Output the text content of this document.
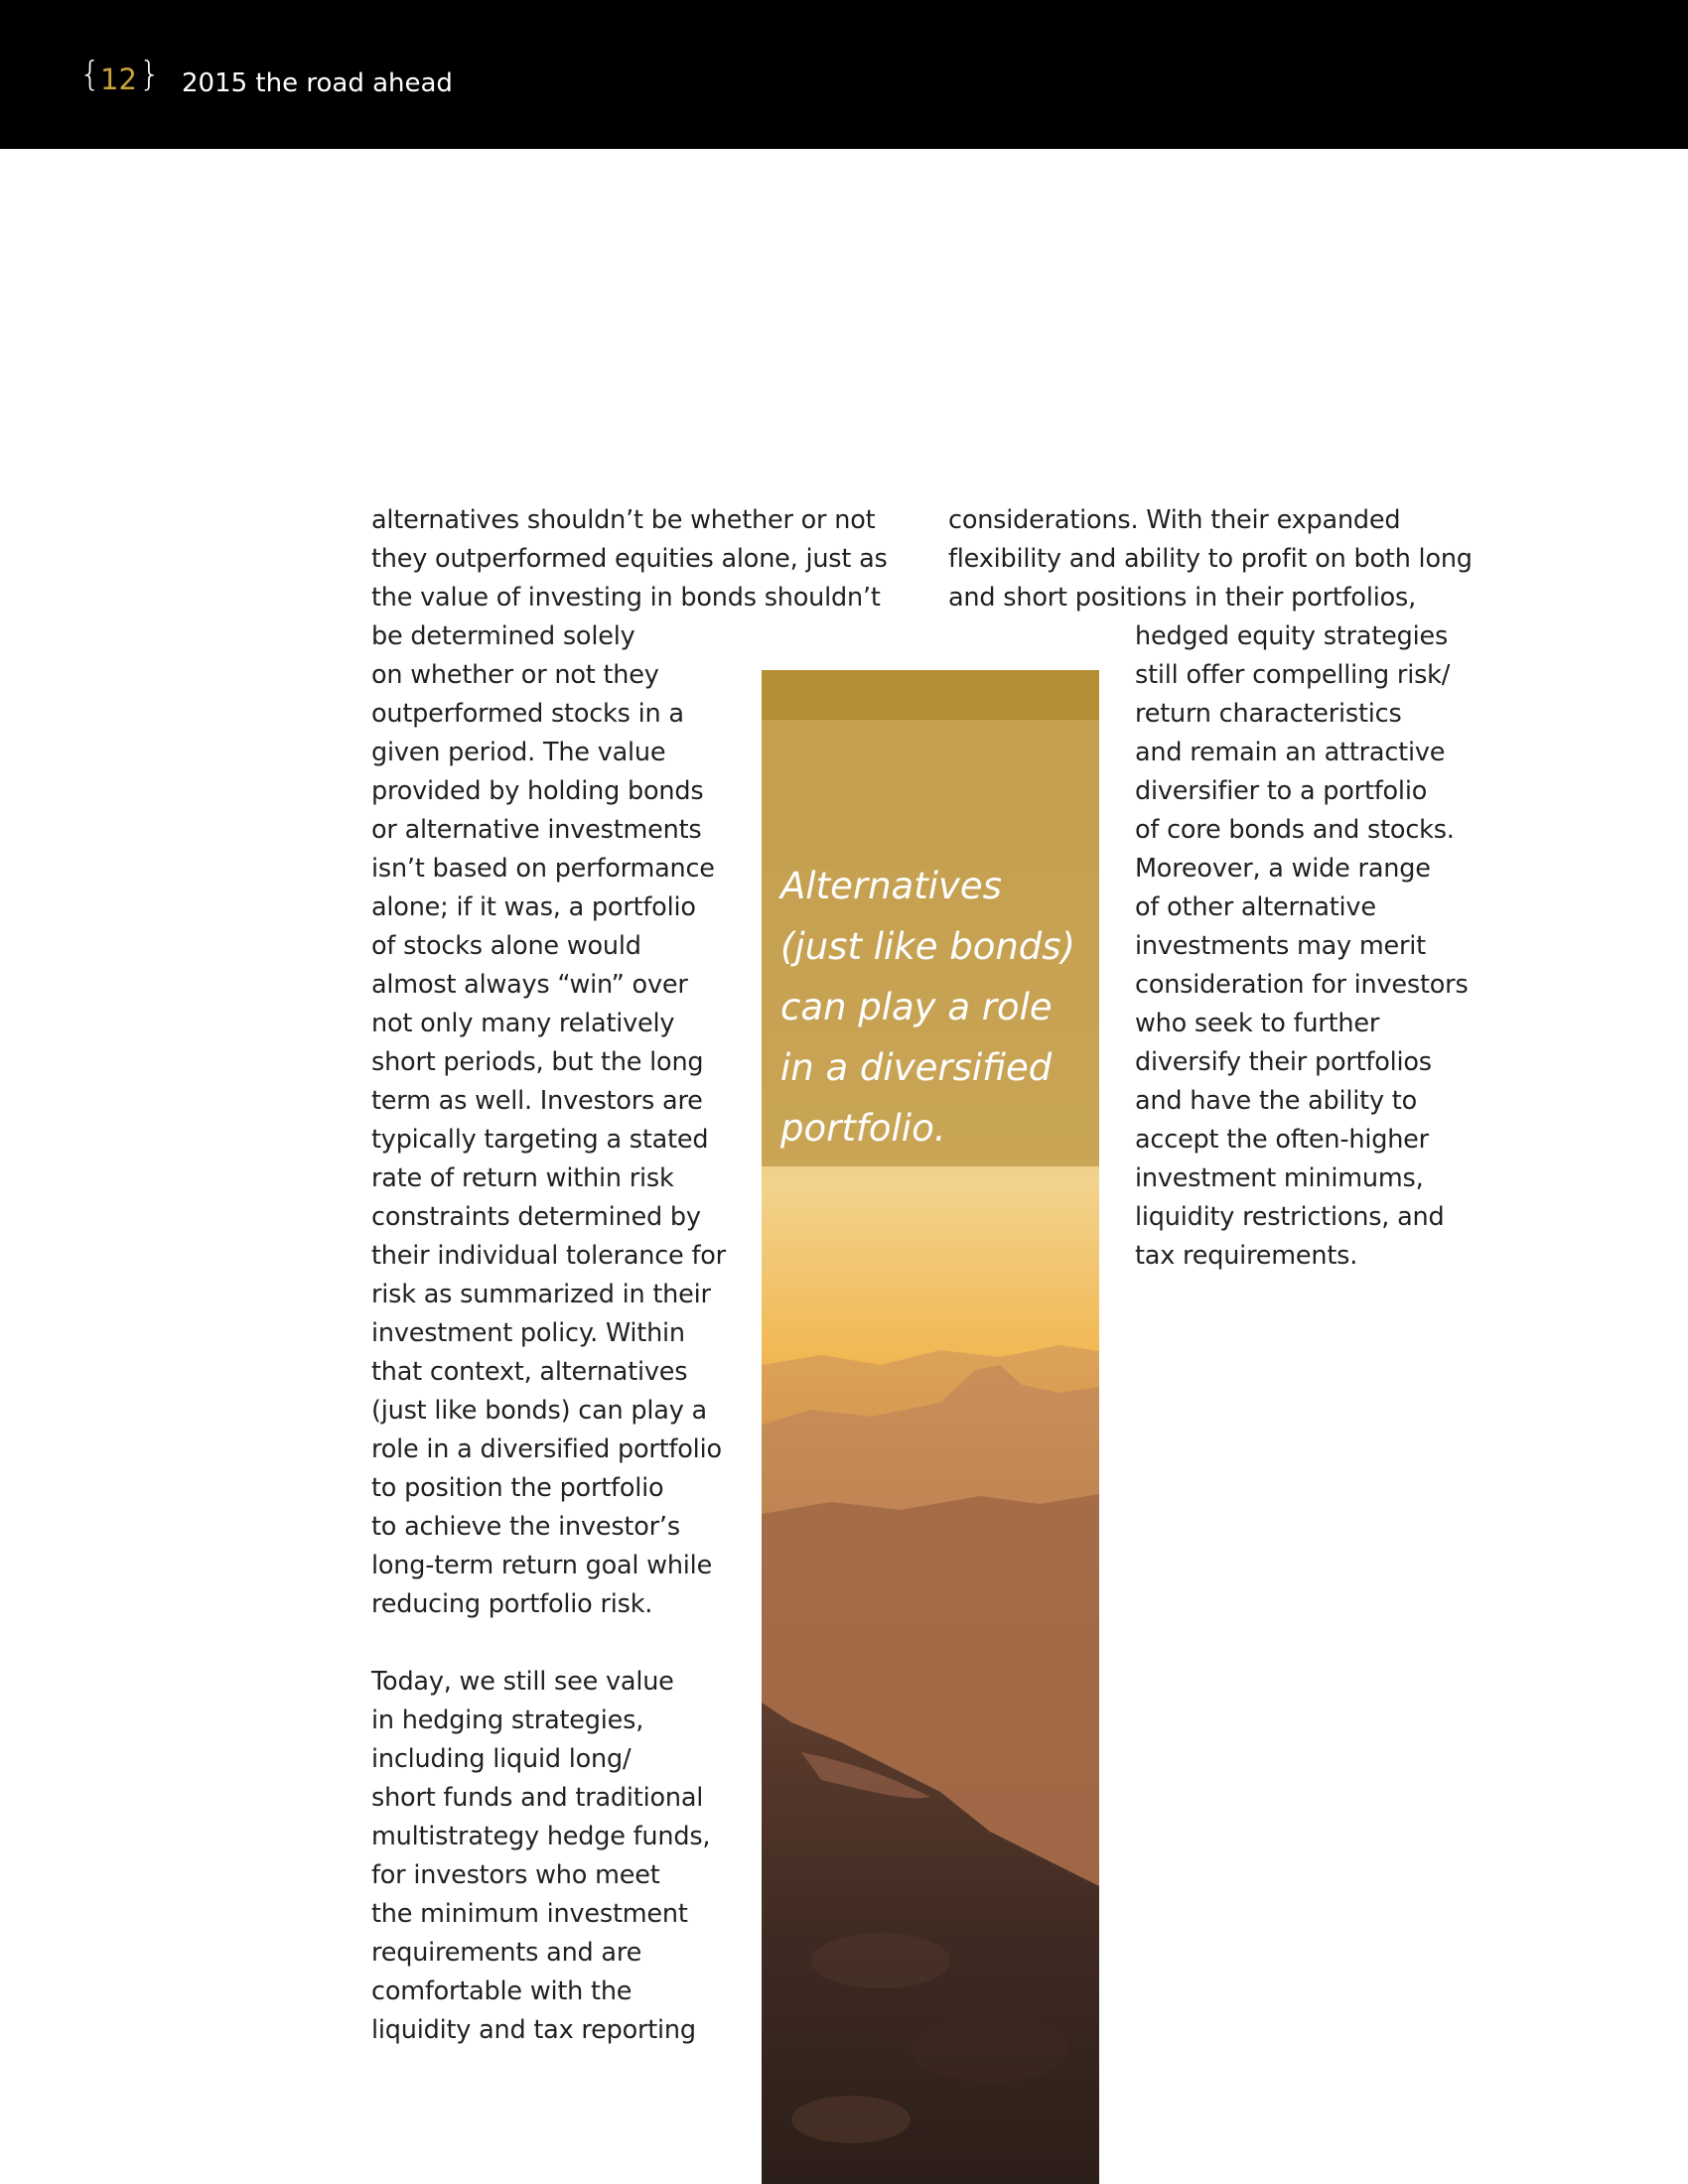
{ 12 } 2015 the road ahead

Alternatives
(just like bonds)
can play a role
in a diversified
portfolio.

alternatives shouldn’t be whether or not
they outperformed equities alone, just as
the value of investing in bonds shouldn’t
be determined solely
on whether or not they
outperformed stocks in a
given period. The value
provided by holding bonds
or alternative investments
isn’t based on performance
alone; if it was, a portfolio
of stocks alone would
almost always “win” over
not only many relatively
short periods, but the long
term as well. Investors are
typically targeting a stated
rate of return within risk
constraints determined by
their individual tolerance for
risk as summarized in their
investment policy. Within
that context, alternatives
(just like bonds) can play a
role in a diversified portfolio
to position the portfolio
to achieve the investor’s
long-term return goal while
reducing portfolio risk.
Today, we still see value
in hedging strategies,
including liquid long/
short funds and traditional
multistrategy hedge funds,
for investors who meet
the minimum investment
requirements and are
comfortable with the
liquidity and tax reporting
considerations. With their expanded
flexibility and ability to profit on both long
and short positions in their portfolios,
hedged equity strategies
still offer compelling risk/
return characteristics
and remain an attractive
diversifier to a portfolio
of core bonds and stocks.
Moreover, a wide range
of other alternative
investments may merit
consideration for investors
who seek to further
diversify their portfolios
and have the ability to
accept the often-higher
investment minimums,
liquidity restrictions, and
tax requirements.
